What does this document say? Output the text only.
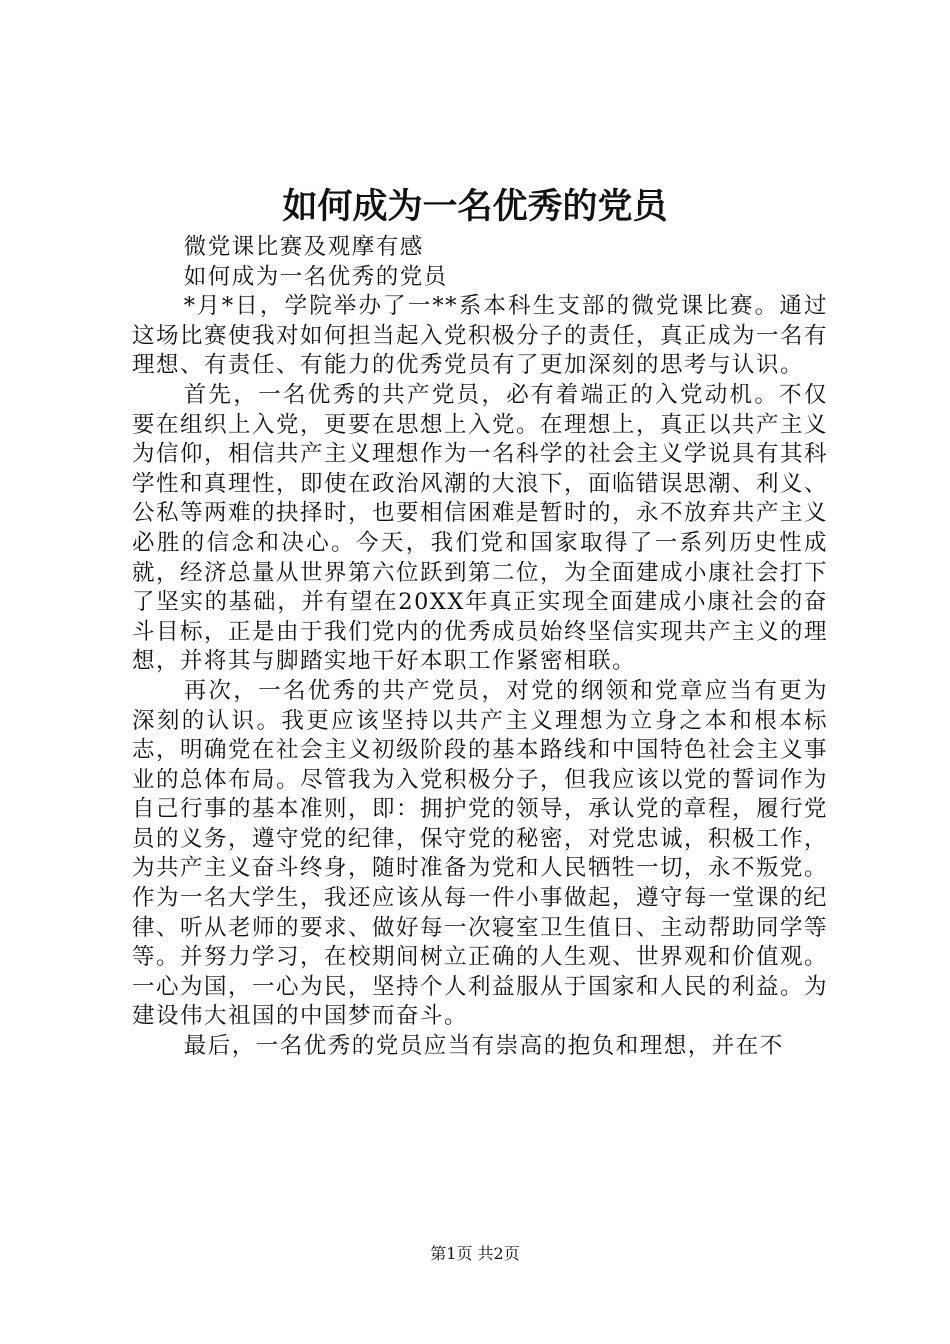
如何成为一名优秀的党员

微党课比赛及观摩有感

如何成为一名优秀的党员

*月*日，学院举办了一**系本科生支部的微党课比赛。通过这场比赛使我对如何担当起入党积极分子的责任，真正成为一名有理想、有责任、有能力的优秀党员有了更加深刻的思考与认识。

首先，一名优秀的共产党员，必有着端正的入党动机。不仅要在组织上入党，更要在思想上入党。在理想上，真正以共产主义为信仰，相信共产主义理想作为一名科学的社会主义学说具有其科学性和真理性，即使在政治风潮的大浪下，面临错误思潮、利义、公私等两难的抉择时，也要相信困难是暂时的，永不放弃共产主义必胜的信念和决心。今天，我们党和国家取得了一系列历史性成就，经济总量从世界第六位跃到第二位，为全面建成小康社会打下了坚实的基础，并有望在20XX年真正实现全面建成小康社会的奋斗目标，正是由于我们党内的优秀成员始终坚信实现共产主义的理想，并将其与脚踏实地干好本职工作紧密相联。

再次，一名优秀的共产党员，对党的纲领和党章应当有更为深刻的认识。我更应该坚持以共产主义理想为立身之本和根本标志，明确党在社会主义初级阶段的基本路线和中国特色社会主义事业的总体布局。尽管我为入党积极分子，但我应该以党的誓词作为自己行事的基本准则，即：拥护党的领导，承认党的章程，履行党员的义务，遵守党的纪律，保守党的秘密，对党忠诚，积极工作，为共产主义奋斗终身，随时准备为党和人民牺牲一切，永不叛党。作为一名大学生，我还应该从每一件小事做起，遵守每一堂课的纪律、听从老师的要求、做好每一次寝室卫生值日、主动帮助同学等等。并努力学习，在校期间树立正确的人生观、世界观和价值观。一心为国，一心为民，坚持个人利益服从于国家和人民的利益。为建设伟大祖国的中国梦而奋斗。

最后，一名优秀的党员应当有崇高的抱负和理想，并在不

第1页 共2页
